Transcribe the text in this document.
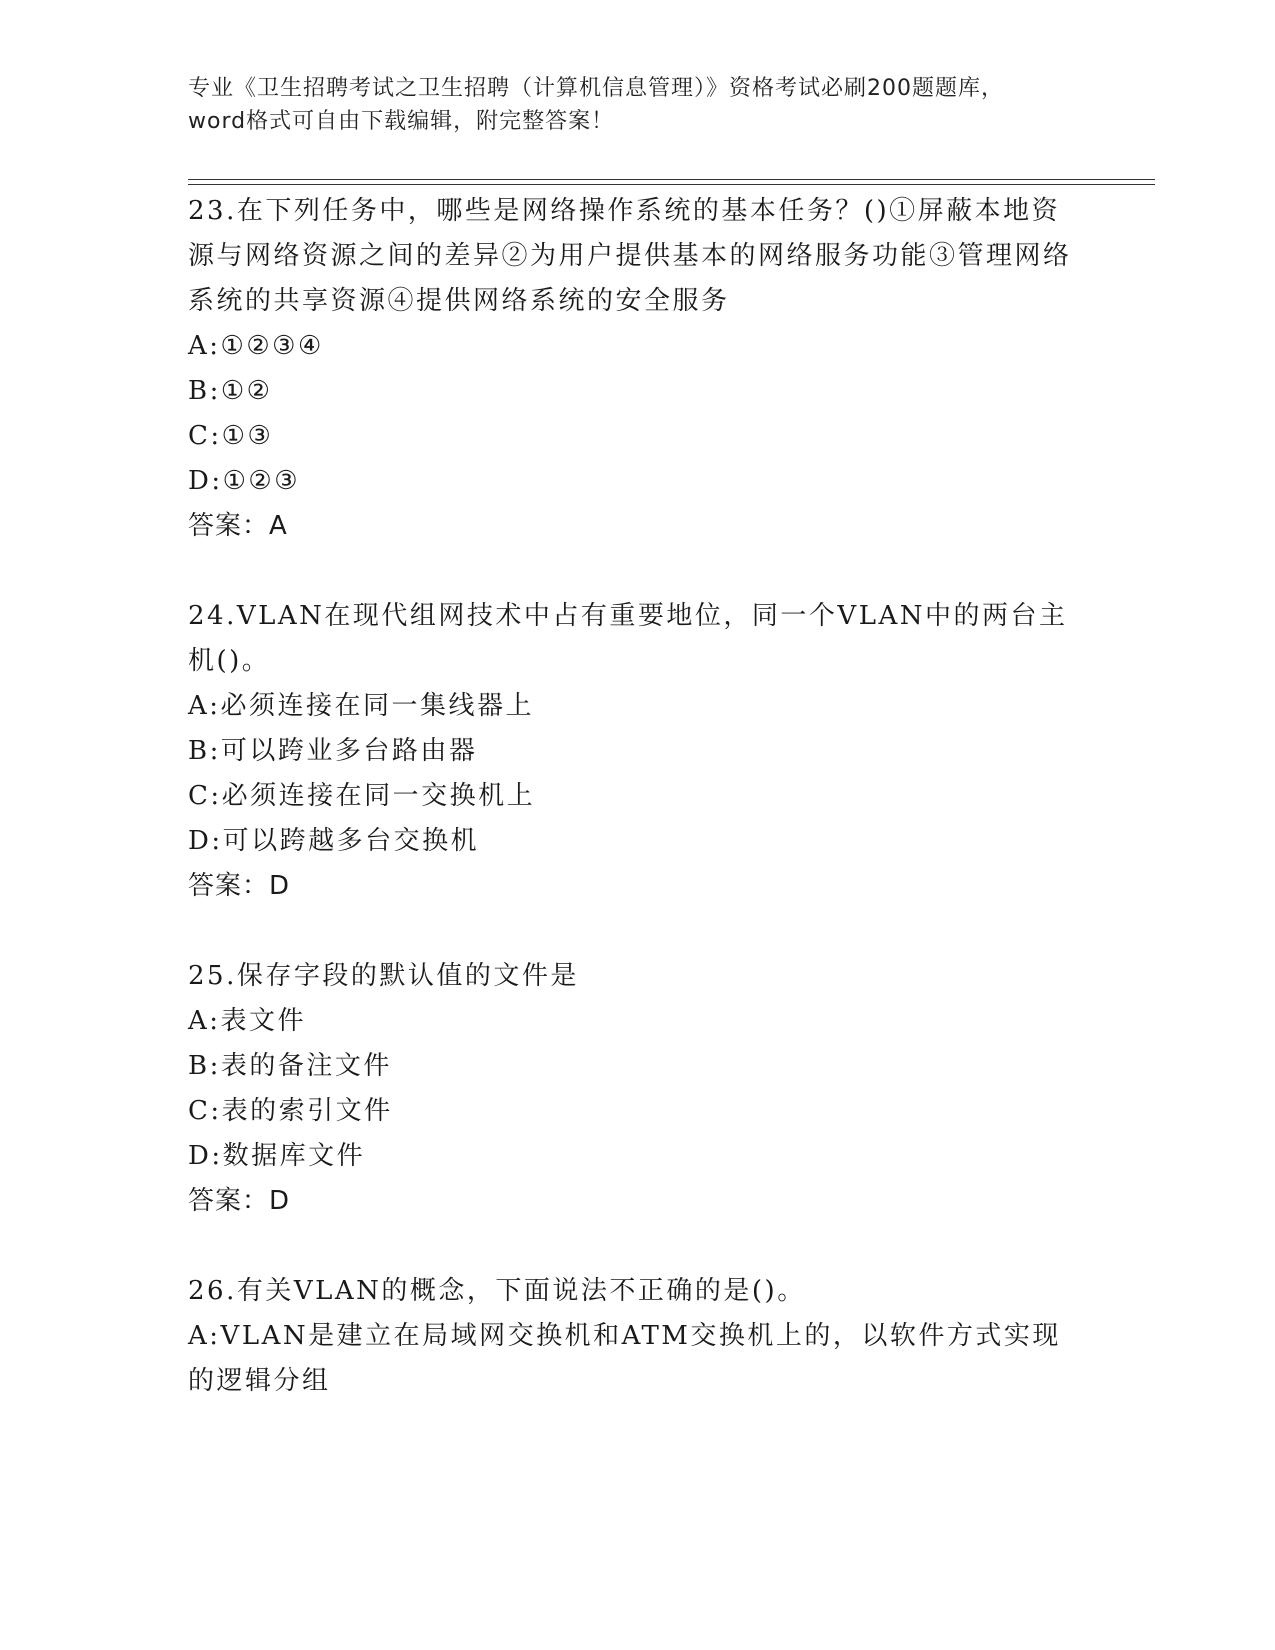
专业《卫生招聘考试之卫生招聘（计算机信息管理）》资格考试必刷200题题库，
word格式可自由下载编辑，附完整答案！
23.在下列任务中，哪些是网络操作系统的基本任务？()①屏蔽本地资源与网络资源之间的差异②为用户提供基本的网络服务功能③管理网络系统的共享资源④提供网络系统的安全服务
A:①②③④
B:①②
C:①③
D:①②③
答案：A
24.VLAN在现代组网技术中占有重要地位，同一个VLAN中的两台主机()。
A:必须连接在同一集线器上
B:可以跨业多台路由器
C:必须连接在同一交换机上
D:可以跨越多台交换机
答案：D
25.保存字段的默认值的文件是
A:表文件
B:表的备注文件
C:表的索引文件
D:数据库文件
答案：D
26.有关VLAN的概念，下面说法不正确的是()。
A:VLAN是建立在局域网交换机和ATM交换机上的，以软件方式实现的逻辑分组
